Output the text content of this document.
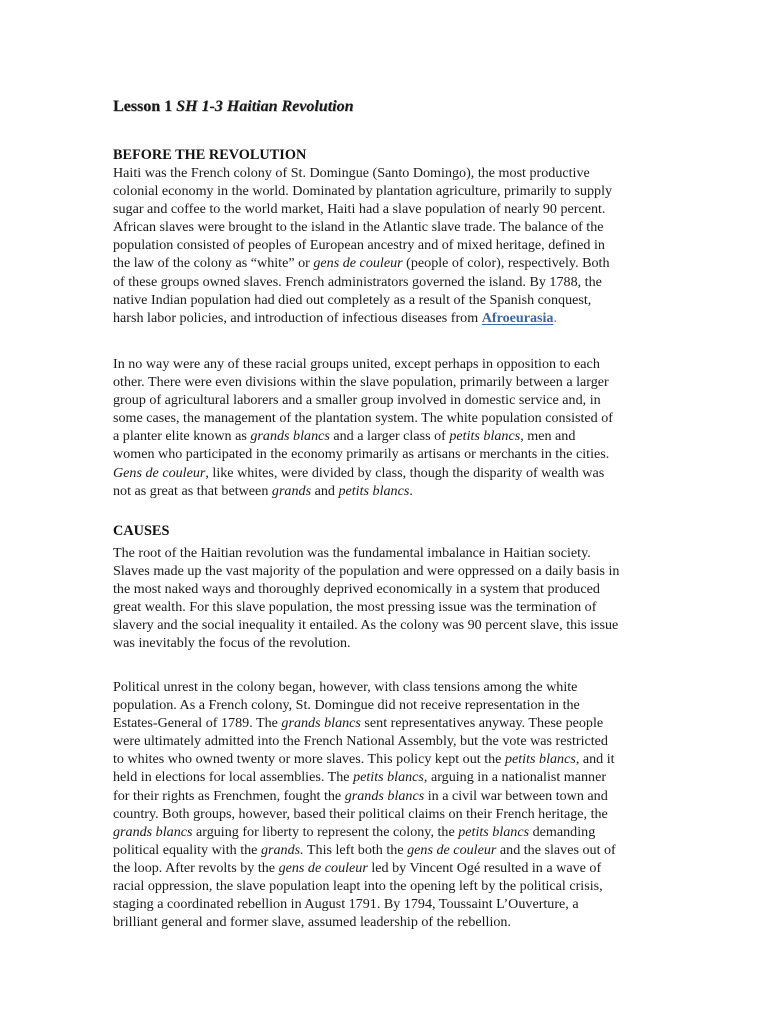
Lesson 1 SH 1-3 Haitian Revolution
BEFORE THE REVOLUTION
Haiti was the French colony of St. Domingue (Santo Domingo), the most productive
colonial economy in the world. Dominated by plantation agriculture, primarily to supply
sugar and coffee to the world market, Haiti had a slave population of nearly 90 percent.
African slaves were brought to the island in the Atlantic slave trade. The balance of the
population consisted of peoples of European ancestry and of mixed heritage, defined in
the law of the colony as “white” or gens de couleur (people of color), respectively. Both
of these groups owned slaves. French administrators governed the island. By 1788, the
native Indian population had died out completely as a result of the Spanish conquest,
harsh labor policies, and introduction of infectious diseases from Afroeurasia.
In no way were any of these racial groups united, except perhaps in opposition to each
other. There were even divisions within the slave population, primarily between a larger
group of agricultural laborers and a smaller group involved in domestic service and, in
some cases, the management of the plantation system. The white population consisted of
a planter elite known as grands blancs and a larger class of petits blancs, men and
women who participated in the economy primarily as artisans or merchants in the cities.
Gens de couleur, like whites, were divided by class, though the disparity of wealth was
not as great as that between grands and petits blancs.
CAUSES
The root of the Haitian revolution was the fundamental imbalance in Haitian society.
Slaves made up the vast majority of the population and were oppressed on a daily basis in
the most naked ways and thoroughly deprived economically in a system that produced
great wealth. For this slave population, the most pressing issue was the termination of
slavery and the social inequality it entailed. As the colony was 90 percent slave, this issue
was inevitably the focus of the revolution.
Political unrest in the colony began, however, with class tensions among the white
population. As a French colony, St. Domingue did not receive representation in the
Estates-General of 1789. The grands blancs sent representatives anyway. These people
were ultimately admitted into the French National Assembly, but the vote was restricted
to whites who owned twenty or more slaves. This policy kept out the petits blancs, and it
held in elections for local assemblies. The petits blancs, arguing in a nationalist manner
for their rights as Frenchmen, fought the grands blancs in a civil war between town and
country. Both groups, however, based their political claims on their French heritage, the
grands blancs arguing for liberty to represent the colony, the petits blancs demanding
political equality with the grands. This left both the gens de couleur and the slaves out of
the loop. After revolts by the gens de couleur led by Vincent Ogé resulted in a wave of
racial oppression, the slave population leapt into the opening left by the political crisis,
staging a coordinated rebellion in August 1791. By 1794, Toussaint L’Ouverture, a
brilliant general and former slave, assumed leadership of the rebellion.
